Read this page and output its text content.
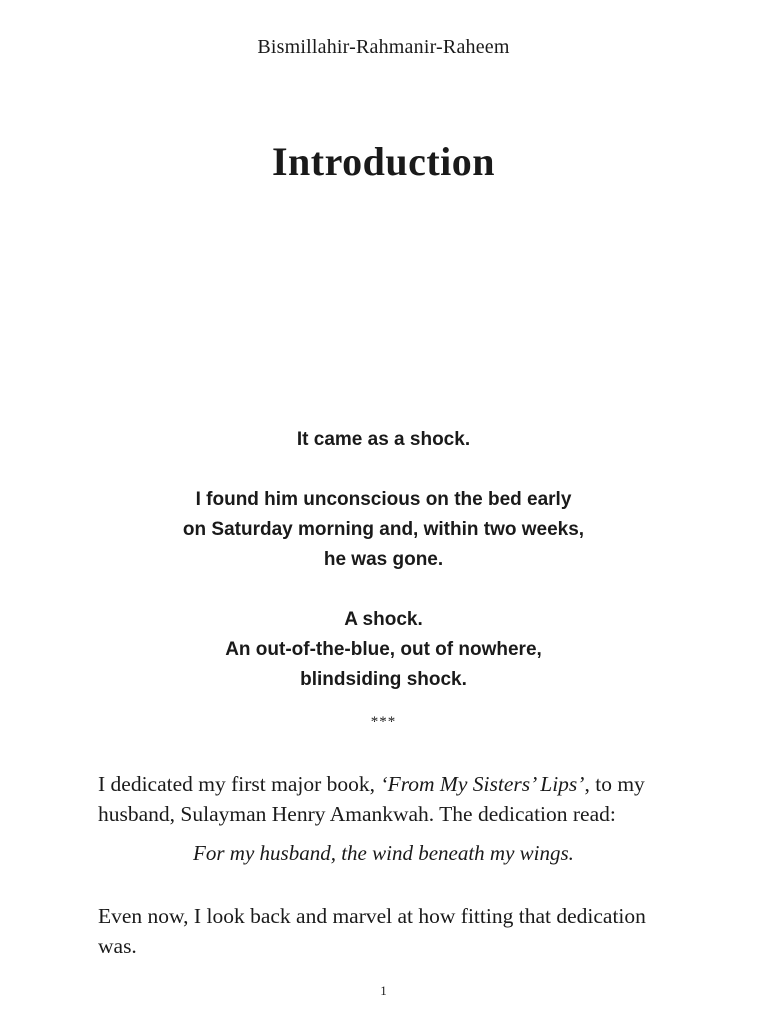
Bismillahir-Rahmanir-Raheem
Introduction
It came as a shock.
I found him unconscious on the bed early
on Saturday morning and, within two weeks,
he was gone.
A shock.
An out-of-the-blue, out of nowhere,
blindsiding shock.
***

I dedicated my first major book, ‘From My Sisters’ Lips’, to my husband, Sulayman Henry Amankwah. The dedication read:

For my husband, the wind beneath my wings.

Even now, I look back and marvel at how fitting that dedication was.

1
